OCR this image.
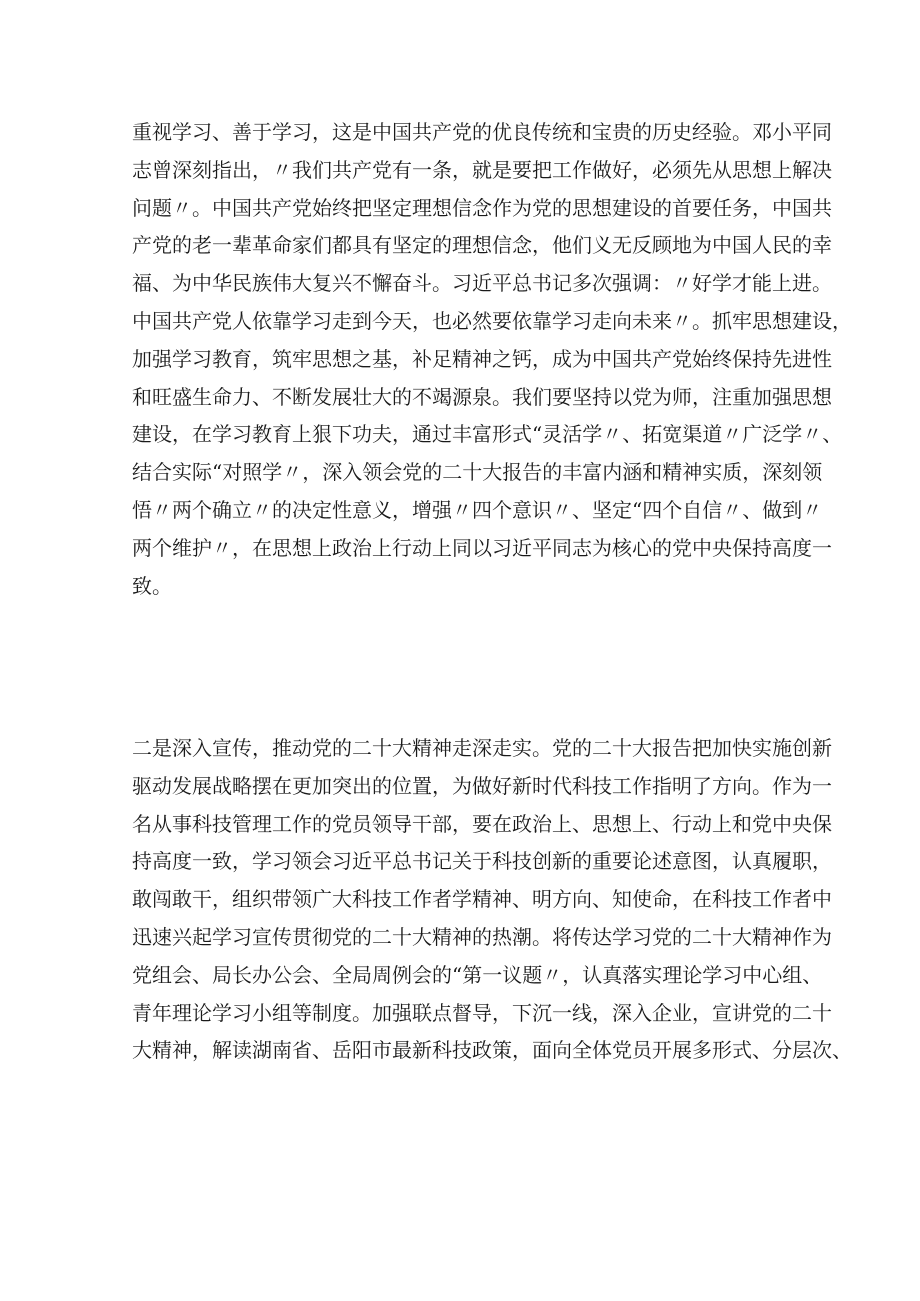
重视学习、善于学习，这是中国共产党的优良传统和宝贵的历史经验。邓小平同
志曾深刻指出，〃我们共产党有一条，就是要把工作做好，必须先从思想上解决
问题〃。中国共产党始终把坚定理想信念作为党的思想建设的首要任务，中国共
产党的老一辈革命家们都具有坚定的理想信念，他们义无反顾地为中国人民的幸
福、为中华民族伟大复兴不懈奋斗。习近平总书记多次强调：〃好学才能上进。
中国共产党人依靠学习走到今天，也必然要依靠学习走向未来〃。抓牢思想建设，
加强学习教育，筑牢思想之基，补足精神之钙，成为中国共产党始终保持先进性
和旺盛生命力、不断发展壮大的不竭源泉。我们要坚持以党为师，注重加强思想
建设，在学习教育上狠下功夫，通过丰富形式“灵活学〃、拓宽渠道〃广泛学〃、
结合实际“对照学〃，深入领会党的二十大报告的丰富内涵和精神实质，深刻领
悟〃两个确立〃的决定性意义，增强〃四个意识〃、坚定“四个自信〃、做到〃
两个维护〃，在思想上政治上行动上同以习近平同志为核心的党中央保持高度一
致。
二是深入宣传，推动党的二十大精神走深走实。党的二十大报告把加快实施创新
驱动发展战略摆在更加突出的位置，为做好新时代科技工作指明了方向。作为一
名从事科技管理工作的党员领导干部，要在政治上、思想上、行动上和党中央保
持高度一致，学习领会习近平总书记关于科技创新的重要论述意图，认真履职，
敢闯敢干，组织带领广大科技工作者学精神、明方向、知使命，在科技工作者中
迅速兴起学习宣传贯彻党的二十大精神的热潮。将传达学习党的二十大精神作为
党组会、局长办公会、全局周例会的“第一议题〃，认真落实理论学习中心组、
青年理论学习小组等制度。加强联点督导，下沉一线，深入企业，宣讲党的二十
大精神，解读湖南省、岳阳市最新科技政策，面向全体党员开展多形式、分层次、
